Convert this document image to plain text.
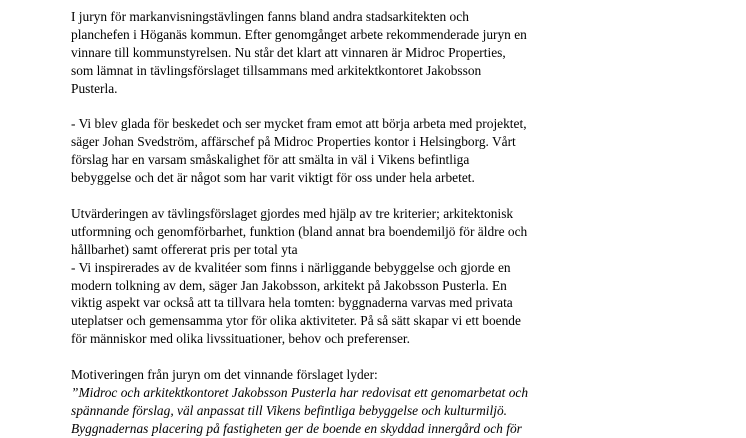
I juryn för markanvisningstävlingen fanns bland andra stadsarkitekten och
planchefen i Höganäs kommun. Efter genomgånget arbete rekommenderade juryn en
vinnare till kommunstyrelsen. Nu står det klart att vinnaren är Midroc Properties,
som lämnat in tävlingsförslaget tillsammans med arkitektkontoret Jakobsson
Pusterla.

- Vi blev glada för beskedet och ser mycket fram emot att börja arbeta med projektet,
säger Johan Svedström, affärschef på Midroc Properties kontor i Helsingborg. Vårt
förslag har en varsam småskalighet för att smälta in väl i Vikens befintliga
bebyggelse och det är något som har varit viktigt för oss under hela arbetet.

Utvärderingen av tävlingsförslaget gjordes med hjälp av tre kriterier; arkitektonisk
utformning och genomförbarhet, funktion (bland annat bra boendemiljö för äldre och
hållbarhet) samt offererat pris per total yta
- Vi inspirerades av de kvalitéer som finns i närliggande bebyggelse och gjorde en
modern tolkning av dem, säger Jan Jakobsson, arkitekt på Jakobsson Pusterla. En
viktig aspekt var också att ta tillvara hela tomten: byggnaderna varvas med privata
uteplatser och gemensamma ytor för olika aktiviteter. På så sätt skapar vi ett boende
för människor med olika livssituationer, behov och preferenser.

Motiveringen från juryn om det vinnande förslaget lyder:
”Midroc och arkitektkontoret Jakobsson Pusterla har redovisat ett genomarbetat och
spännande förslag, väl anpassat till Vikens befintliga bebyggelse och kulturmiljö.
Byggnadernas placering på fastigheten ger de boende en skyddad innergård och för
